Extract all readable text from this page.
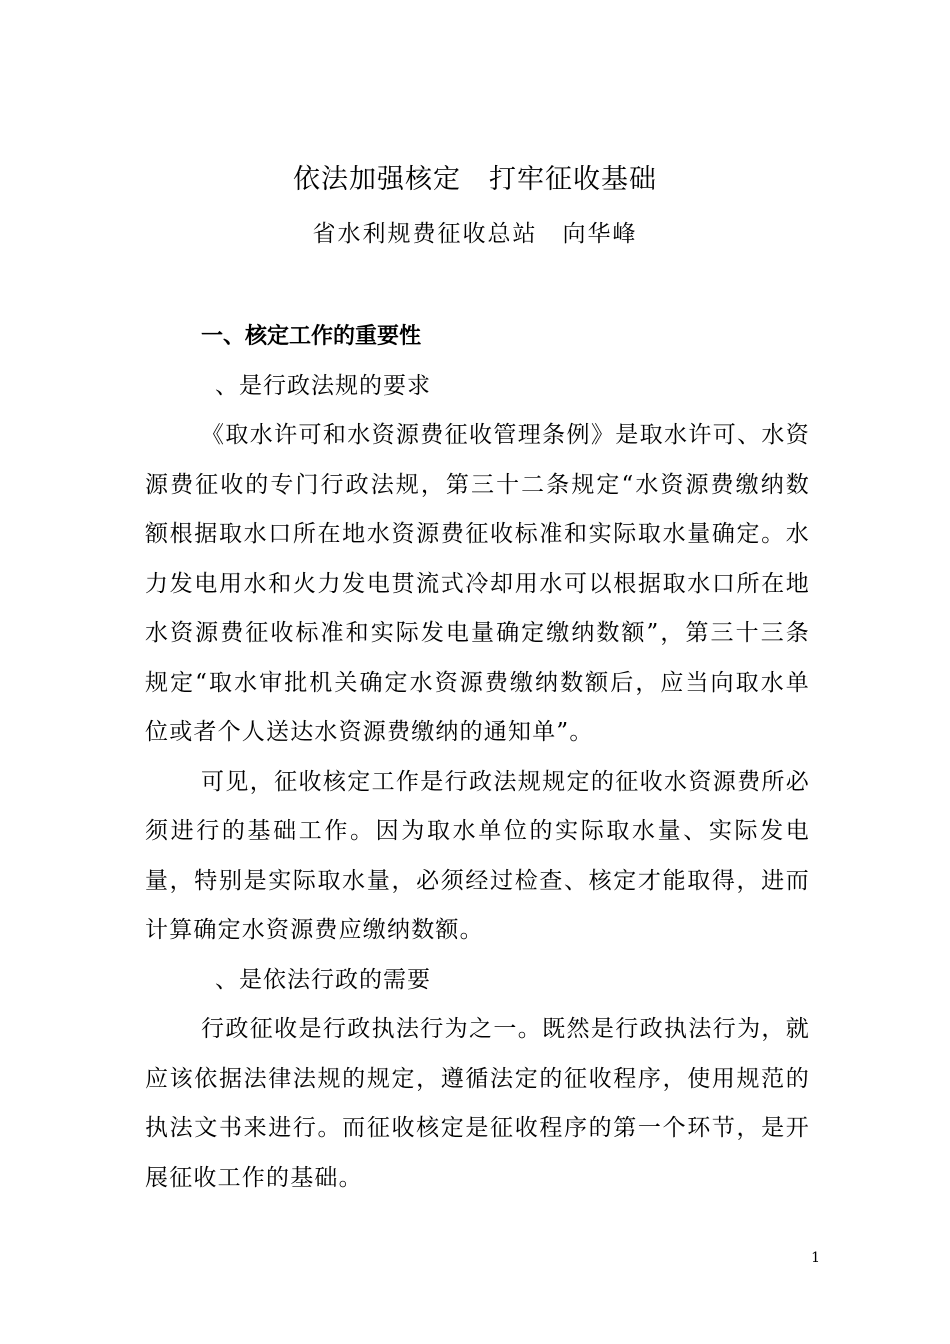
依法加强核定　打牢征收基础
省水利规费征收总站　向华峰

一、核定工作的重要性

、是行政法规的要求

《取水许可和水资源费征收管理条例》是取水许可、水资源费征收的专门行政法规，第三十二条规定“水资源费缴纳数额根据取水口所在地水资源费征收标准和实际取水量确定。水力发电用水和火力发电贯流式冷却用水可以根据取水口所在地水资源费征收标准和实际发电量确定缴纳数额”，第三十三条规定“取水审批机关确定水资源费缴纳数额后，应当向取水单位或者个人送达水资源费缴纳的通知单”。

可见，征收核定工作是行政法规规定的征收水资源费所必须进行的基础工作。因为取水单位的实际取水量、实际发电量，特别是实际取水量，必须经过检查、核定才能取得，进而计算确定水资源费应缴纳数额。

、是依法行政的需要

行政征收是行政执法行为之一。既然是行政执法行为，就应该依据法律法规的规定，遵循法定的征收程序，使用规范的执法文书来进行。而征收核定是征收程序的第一个环节，是开展征收工作的基础。

1
